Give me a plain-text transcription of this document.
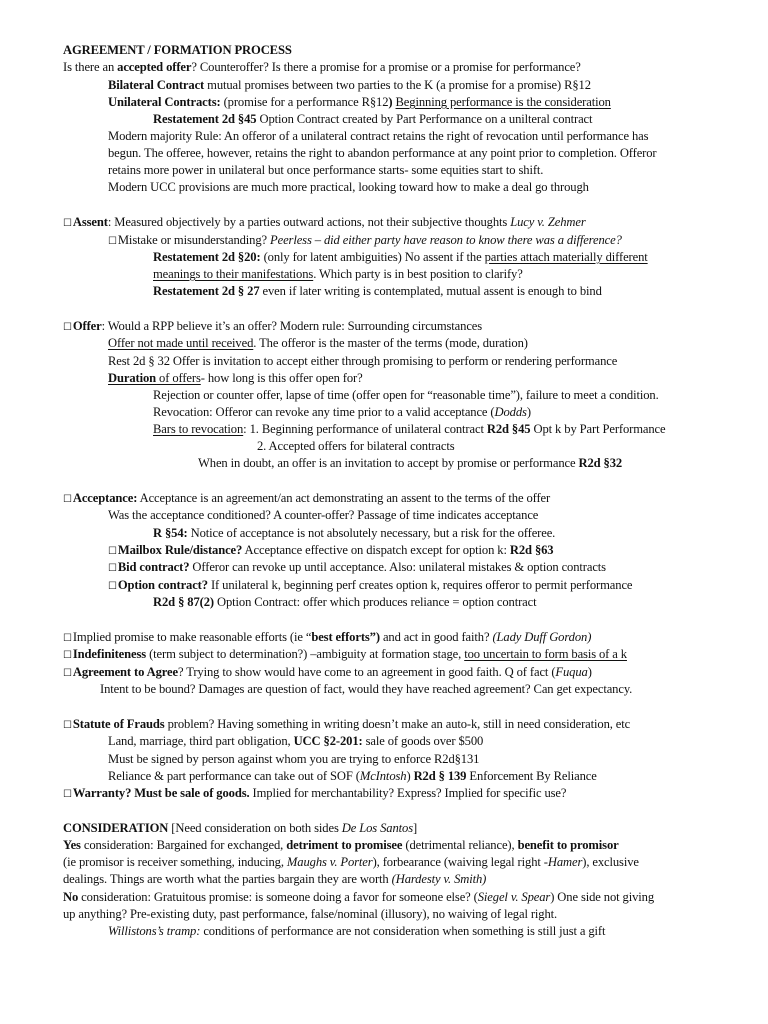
AGREEMENT / FORMATION PROCESS
Is there an accepted offer? Counteroffer? Is there a promise for a promise or a promise for performance?
Bilateral Contract mutual promises between two parties to the K (a promise for a promise) R§12
Unilateral Contracts: (promise for a performance R§12) Beginning performance is the consideration
Restatement 2d §45 Option Contract created by Part Performance on a unilteral contract
Modern majority Rule: An offeror of a unilateral contract retains the right of revocation until performance has
begun. The offeree, however, retains the right to abandon performance at any point prior to completion. Offeror
retains more power in unilateral but once performance starts- some equities start to shift.
Modern UCC provisions are much more practical, looking toward how to make a deal go through
☐Assent: Measured objectively by a parties outward actions, not their subjective thoughts Lucy v. Zehmer
☐Mistake or misunderstanding? Peerless – did either party have reason to know there was a difference?
Restatement 2d §20: (only for latent ambiguities) No assent if the parties attach materially different
meanings to their manifestations. Which party is in best position to clarify?
Restatement 2d § 27 even if later writing is contemplated, mutual assent is enough to bind
☐Offer: Would a RPP believe it’s an offer? Modern rule: Surrounding circumstances
Offer not made until received. The offeror is the master of the terms (mode, duration)
Rest 2d § 32 Offer is invitation to accept either through promising to perform or rendering performance
Duration of offers- how long is this offer open for?
Rejection or counter offer, lapse of time (offer open for “reasonable time”), failure to meet a condition.
Revocation: Offeror can revoke any time prior to a valid acceptance (Dodds)
Bars to revocation: 1. Beginning performance of unilateral contract R2d §45 Opt k by Part Performance
2. Accepted offers for bilateral contracts
When in doubt, an offer is an invitation to accept by promise or performance R2d §32
☐Acceptance: Acceptance is an agreement/an act demonstrating an assent to the terms of the offer
Was the acceptance conditioned? A counter-offer? Passage of time indicates acceptance
R §54: Notice of acceptance is not absolutely necessary, but a risk for the offeree.
☐Mailbox Rule/distance? Acceptance effective on dispatch except for option k: R2d §63
☐Bid contract? Offeror can revoke up until acceptance. Also: unilateral mistakes & option contracts
☐Option contract? If unilateral k, beginning perf creates option k, requires offeror to permit performance
R2d § 87(2) Option Contract: offer which produces reliance = option contract
☐Implied promise to make reasonable efforts (ie “best efforts”) and act in good faith? (Lady Duff Gordon)
☐Indefiniteness (term subject to determination?) –ambiguity at formation stage, too uncertain to form basis of a k
☐Agreement to Agree? Trying to show would have come to an agreement in good faith. Q of fact (Fuqua)
Intent to be bound? Damages are question of fact, would they have reached agreement? Can get expectancy.
☐Statute of Frauds problem? Having something in writing doesn’t make an auto-k, still in need consideration, etc
Land, marriage, third part obligation, UCC §2-201: sale of goods over $500
Must be signed by person against whom you are trying to enforce R2d§131
Reliance & part performance can take out of SOF (McIntosh) R2d § 139 Enforcement By Reliance
☐Warranty? Must be sale of goods. Implied for merchantability? Express? Implied for specific use?
CONSIDERATION [Need consideration on both sides De Los Santos]
Yes consideration: Bargained for exchanged, detriment to promisee (detrimental reliance), benefit to promisor
(ie promisor is receiver something, inducing, Maughs v. Porter), forbearance (waiving legal right -Hamer), exclusive
dealings. Things are worth what the parties bargain they are worth (Hardesty v. Smith)
No consideration: Gratuitous promise: is someone doing a favor for someone else? (Siegel v. Spear) One side not giving
up anything? Pre-existing duty, past performance, false/nominal (illusory), no waiving of legal right.
Willistons’s tramp: conditions of performance are not consideration when something is still just a gift
